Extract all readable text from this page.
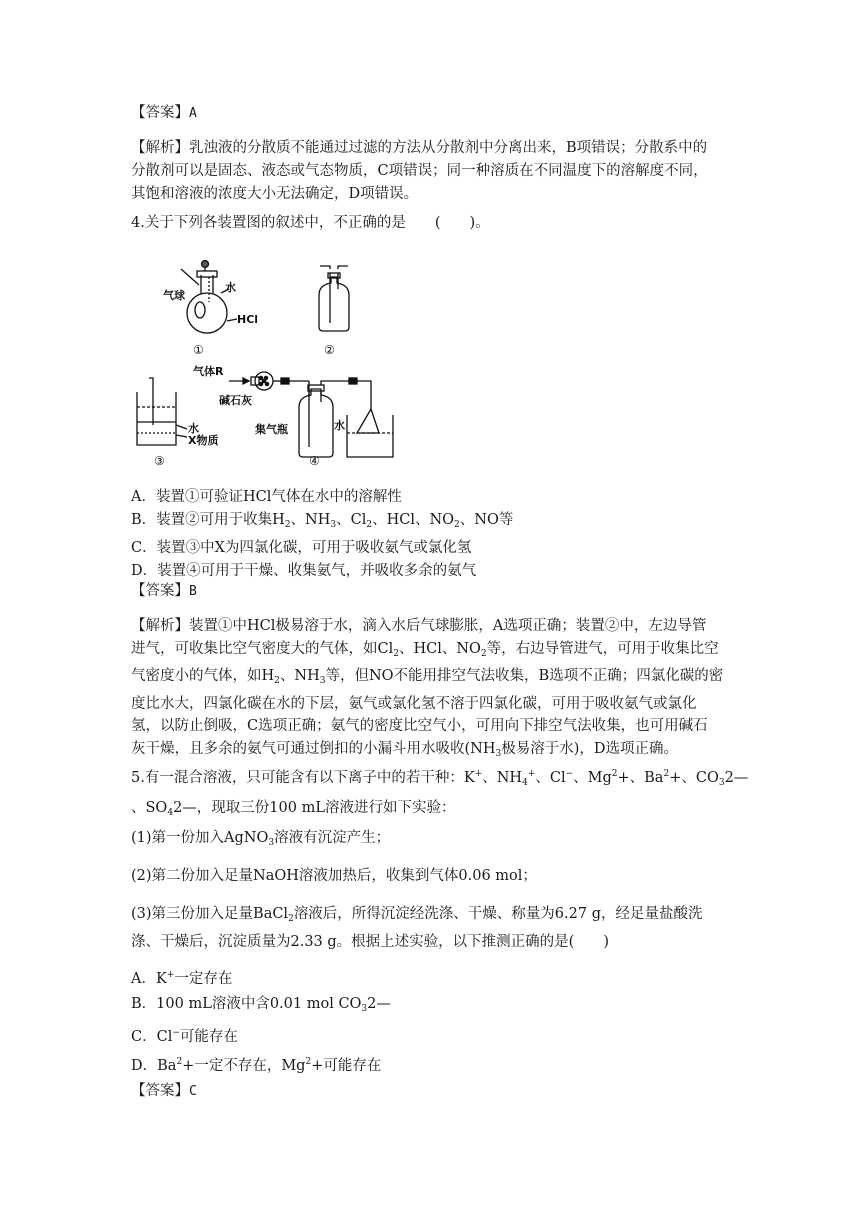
【答案】A
【解析】乳浊液的分散质不能通过过滤的方法从分散剂中分离出来，B项错误；分散系中的
分散剂可以是固态、液态或气态物质，C项错误；同一种溶质在不同温度下的溶解度不同，
其饱和溶液的浓度大小无法确定，D项错误。
4.关于下列各装置图的叙述中，不正确的是　　(　　)。
气球
水
HCl
①	②
气体R
碱石灰
水
X物质
集气瓶	水
③	④
A．装置①可验证HCl气体在水中的溶解性
B．装置②可用于收集$H_2$、$NH_3$、$Cl_2$、HCl、$NO_2$、NO等
C．装置③中X为四氯化碳，可用于吸收氨气或氯化氢
D．装置④可用于干燥、收集氨气，并吸收多余的氨气
【答案】B
【解析】装置①中HCl极易溶于水，滴入水后气球膨胀，A选项正确；装置②中，左边导管
进气，可收集比空气密度大的气体，如$Cl_2$、HCl、$NO_2$等，右边导管进气，可用于收集比空
气密度小的气体，如$H_2$、$NH_3$等，但NO不能用排空气法收集，B选项不正确；四氯化碳的密
度比水大，四氯化碳在水的下层，氨气或氯化氢不溶于四氯化碳，可用于吸收氨气或氯化
氢，以防止倒吸，C选项正确；氨气的密度比空气小，可用向下排空气法收集，也可用碱石
灰干燥，且多余的氨气可通过倒扣的小漏斗用水吸收($NH_3$极易溶于水)，D选项正确。
5.有一混合溶液，只可能含有以下离子中的若干种：K+、$NH_4^+$、Cl−、$Mg^2+$、$Ba^2+$、$CO_32—$
、$SO_42—$，现取三份100 mL溶液进行如下实验：
(1)第一份加入AgNO$_3$溶液有沉淀产生；
(2)第二份加入足量NaOH溶液加热后，收集到气体0.06 mol；
(3)第三份加入足量BaCl$_2$溶液后，所得沉淀经洗涤、干燥、称量为6.27 g，经足量盐酸洗
涤、干燥后，沉淀质量为2.33 g。根据上述实验，以下推测正确的是(　　)
A．K+一定存在
B．100 mL溶液中含0.01 mol $CO_32—$
C．Cl−可能存在
D．$Ba^2+$一定不存在，$Mg^2+$可能存在
【答案】C
